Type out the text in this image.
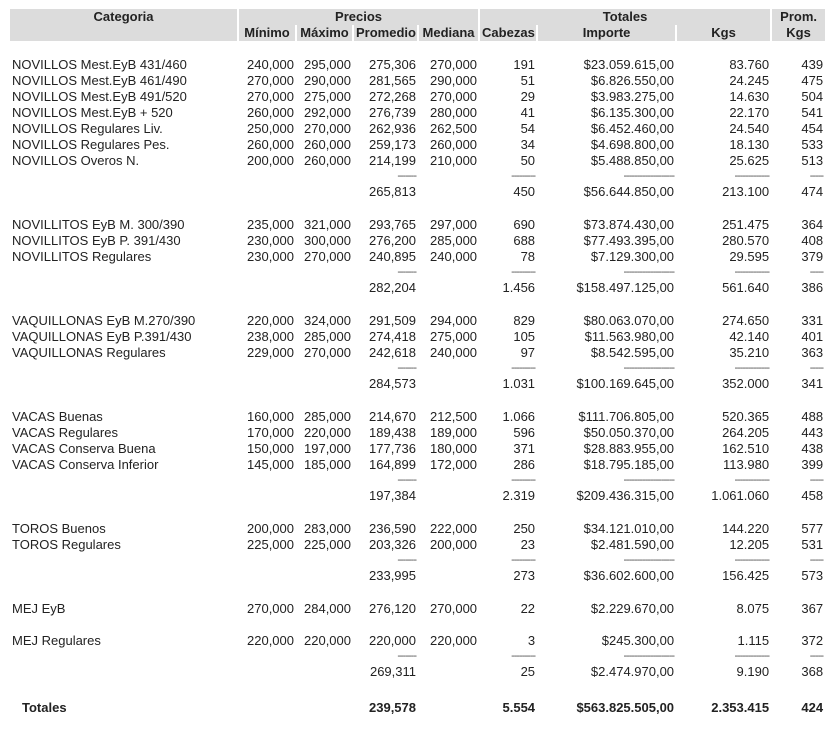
Categoria	Precios				Totales			Prom.
	Mínimo	Máximo	Promedio	Mediana	Cabezas	Importe	Kgs	Kgs

NOVILLOS Mest.EyB 431/460	240,000	295,000	275,306	270,000	191	$23.059.615,00	83.760	439
NOVILLOS Mest.EyB 461/490	270,000	290,000	281,565	290,000	51	$6.826.550,00	24.245	475
NOVILLOS Mest.EyB 491/520	270,000	275,000	272,268	270,000	29	$3.983.275,00	14.630	504
NOVILLOS Mest.EyB + 520	260,000	292,000	276,739	280,000	41	$6.135.300,00	22.170	541
NOVILLOS Regulares Liv.	250,000	270,000	262,936	262,500	54	$6.452.460,00	24.540	454
NOVILLOS Regulares Pes.	260,000	260,000	259,173	260,000	34	$4.698.800,00	18.130	533
NOVILLOS Overos N.	200,000	260,000	214,199	210,000	50	$5.488.850,00	25.625	513
			-------		---------	-------------------	-------------	-----
			265,813		450	$56.644.850,00	213.100	474

NOVILLITOS EyB M. 300/390	235,000	321,000	293,765	297,000	690	$73.874.430,00	251.475	364
NOVILLITOS EyB P. 391/430	230,000	300,000	276,200	285,000	688	$77.493.395,00	280.570	408
NOVILLITOS Regulares	230,000	270,000	240,895	240,000	78	$7.129.300,00	29.595	379
			-------		---------	-------------------	-------------	-----
			282,204		1.456	$158.497.125,00	561.640	386

VAQUILLONAS EyB M.270/390	220,000	324,000	291,509	294,000	829	$80.063.070,00	274.650	331
VAQUILLONAS EyB P.391/430	238,000	285,000	274,418	275,000	105	$11.563.980,00	42.140	401
VAQUILLONAS Regulares	229,000	270,000	242,618	240,000	97	$8.542.595,00	35.210	363
			-------		---------	-------------------	-------------	-----
			284,573		1.031	$100.169.645,00	352.000	341

VACAS Buenas	160,000	285,000	214,670	212,500	1.066	$111.706.805,00	520.365	488
VACAS Regulares	170,000	220,000	189,438	189,000	596	$50.050.370,00	264.205	443
VACAS Conserva Buena	150,000	197,000	177,736	180,000	371	$28.883.955,00	162.510	438
VACAS Conserva Inferior	145,000	185,000	164,899	172,000	286	$18.795.185,00	113.980	399
			-------		---------	-------------------	-------------	-----
			197,384		2.319	$209.436.315,00	1.061.060	458

TOROS Buenos	200,000	283,000	236,590	222,000	250	$34.121.010,00	144.220	577
TOROS Regulares	225,000	225,000	203,326	200,000	23	$2.481.590,00	12.205	531
			-------		---------	-------------------	-------------	-----
			233,995		273	$36.602.600,00	156.425	573

MEJ EyB	270,000	284,000	276,120	270,000	22	$2.229.670,00	8.075	367

MEJ Regulares	220,000	220,000	220,000	220,000	3	$245.300,00	1.115	372
			-------		---------	-------------------	-------------	-----
			269,311		25	$2.474.970,00	9.190	368

Totales			239,578		5.554	$563.825.505,00	2.353.415	424
